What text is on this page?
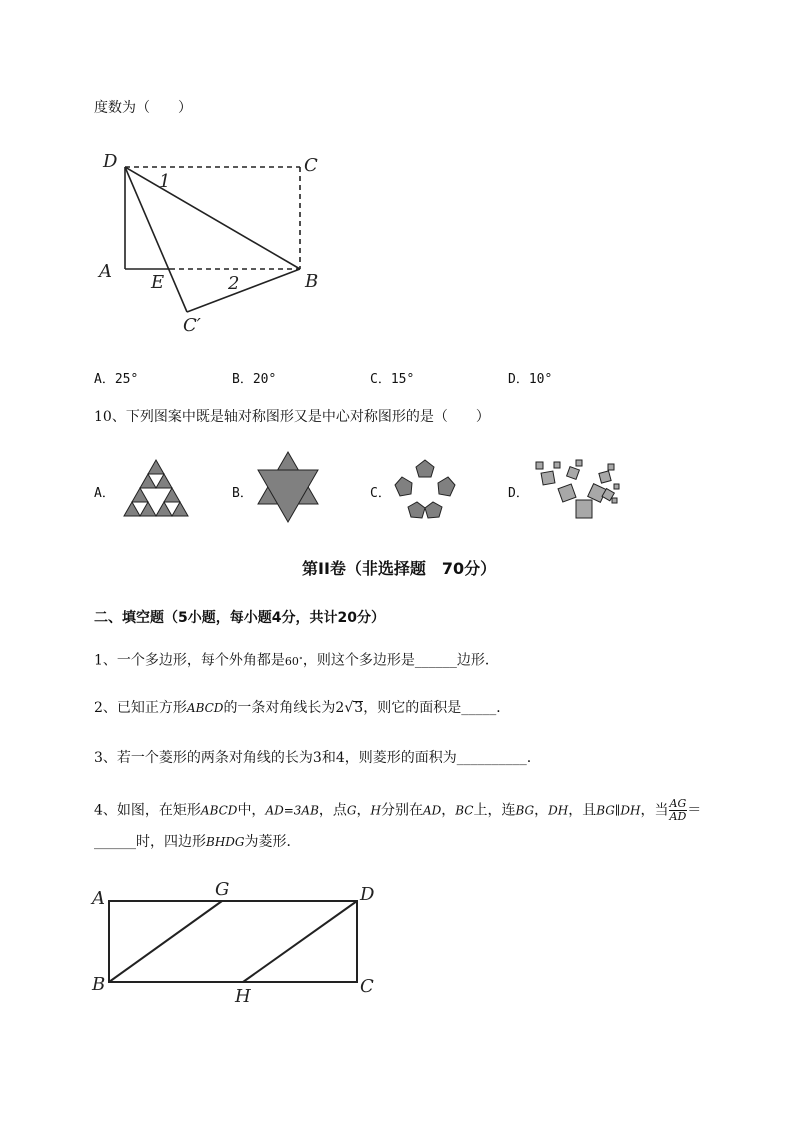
度数为（　　）
D	C
A
E	B
C′
1
2
A．25°	B．20°	C．15°	D．10°
10、下列图案中既是轴对称图形又是中心对称图形的是（　　）
A．	B．	C．	D．
第II卷（非选择题　70分）
二、填空题（5小题，每小题4分，共计20分）
1、一个多边形，每个外角都是60∘，则这个多边形是______边形．
2、已知正方形ABCD的一条对角线长为2√3，则它的面积是_____．
3、若一个菱形的两条对角线的长为3和4，则菱形的面积为__________.
4、如图，在矩形ABCD中，AD=3AB，点G，H分别在AD，BC上，连BG，DH，且BG∥DH，当 $\frac{AG}{AD}$ ＝
______时，四边形BHDG为菱形．
A	G	D
B
H	C
